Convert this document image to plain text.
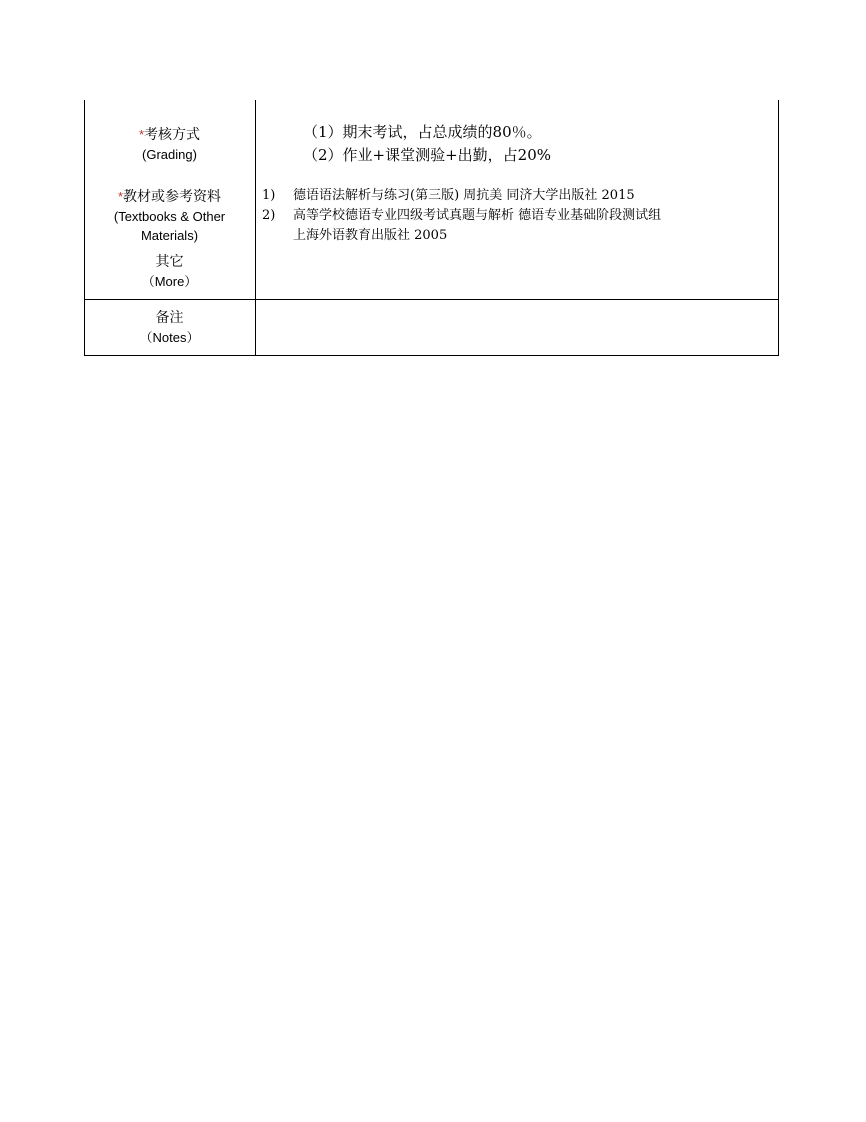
*考核方式
(Grading)
（1）期末考试，占总成绩的80％。
（2）作业+课堂测验+出勤，占20%
*教材或参考资料
(Textbooks & Other
Materials)
1) 德语语法解析与练习(第三版) 周抗美 同济大学出版社 2015
2) 高等学校德语专业四级考试真题与解析 德语专业基础阶段测试组
上海外语教育出版社 2005
其它
（More）
备注
（Notes）
